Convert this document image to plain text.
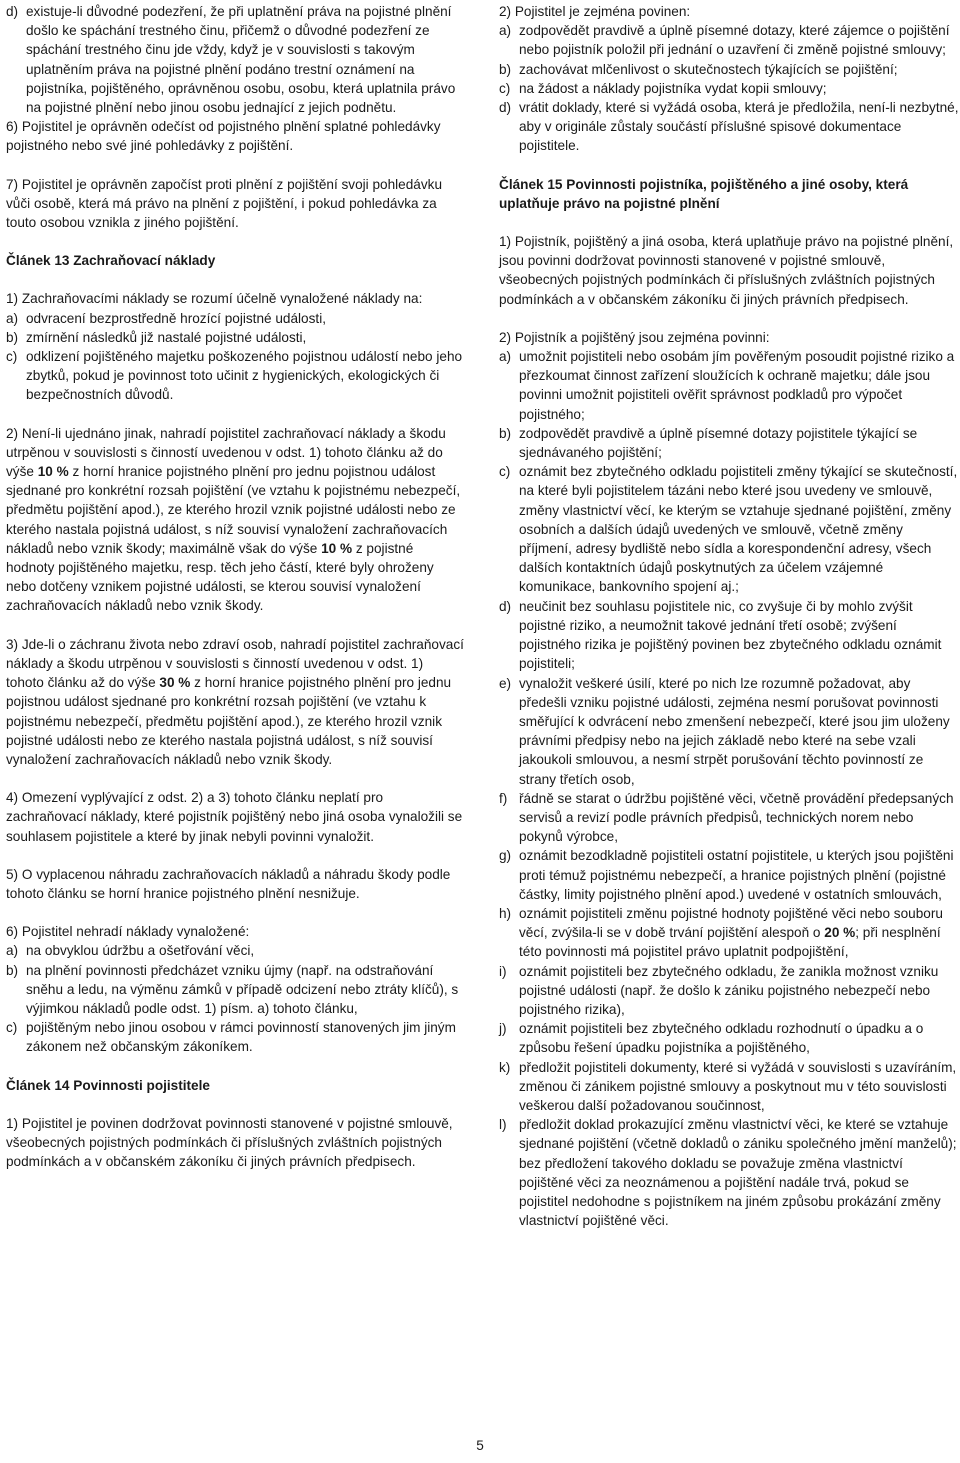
d) existuje-li důvodné podezření, že při uplatnění práva na pojistné plnění došlo ke spáchání trestného činu, přičemž o důvodné podezření ze spáchání trestného činu jde vždy, když je v souvislosti s takovým uplatněním práva na pojistné plnění podáno trestní oznámení na pojistníka, pojištěného, oprávněnou osobu, osobu, která uplatnila právo na pojistné plnění nebo jinou osobu jednající z jejich podnětu.

6) Pojistitel je oprávněn odečíst od pojistného plnění splatné pohledávky pojistného nebo své jiné pohledávky z pojištění.

7) Pojistitel je oprávněn započíst proti plnění z pojištění svoji pohledávku vůči osobě, která má právo na plnění z pojištění, i pokud pohledávka za touto osobou vznikla z jiného pojištění.

Článek 13 Zachraňovací náklady

1) Zachraňovacími náklady se rozumí účelně vynaložené náklady na:

a) odvracení bezprostředně hrozící pojistné události,
b) zmírnění následků již nastalé pojistné události,
c) odklizení pojištěného majetku poškozeného pojistnou událostí nebo jeho zbytků, pokud je povinnost toto učinit z hygienických, ekologických či bezpečnostních důvodů.

2) Není-li ujednáno jinak, nahradí pojistitel zachraňovací náklady a škodu utrpěnou v souvislosti s činností uvedenou v odst. 1) tohoto článku až do výše 10 % z horní hranice pojistného plnění pro jednu pojistnou událost sjednané pro konkrétní rozsah pojištění (ve vztahu k pojistnému nebezpečí, předmětu pojištění apod.), ze kterého hrozil vznik pojistné události nebo ze kterého nastala pojistná událost, s níž souvisí vynaložení zachraňovacích nákladů nebo vznik škody; maximálně však do výše 10 % z pojistné hodnoty pojištěného majetku, resp. těch jeho částí, které byly ohroženy nebo dotčeny vznikem pojistné události, se kterou souvisí vynaložení zachraňovacích nákladů nebo vznik škody.

3) Jde-li o záchranu života nebo zdraví osob, nahradí pojistitel zachraňovací náklady a škodu utrpěnou v souvislosti s činností uvedenou v odst. 1) tohoto článku až do výše 30 % z horní hranice pojistného plnění pro jednu pojistnou událost sjednané pro konkrétní rozsah pojištění (ve vztahu k pojistnému nebezpečí, předmětu pojištění apod.), ze kterého hrozil vznik pojistné události nebo ze kterého nastala pojistná událost, s níž souvisí vynaložení zachraňovacích nákladů nebo vznik škody.

4) Omezení vyplývající z odst. 2) a 3) tohoto článku neplatí pro zachraňovací náklady, které pojistník pojištěný nebo jiná osoba vynaložili se souhlasem pojistitele a které by jinak nebyli povinni vynaložit.

5) O vyplacenou náhradu zachraňovacích nákladů a náhradu škody podle tohoto článku se horní hranice pojistného plnění nesnižuje.

6) Pojistitel nehradí náklady vynaložené:

a) na obvyklou údržbu a ošetřování věci,
b) na plnění povinnosti předcházet vzniku újmy (např. na odstraňování sněhu a ledu, na výměnu zámků v případě odcizení nebo ztráty klíčů), s výjimkou nákladů podle odst. 1) písm. a) tohoto článku,
c) pojištěným nebo jinou osobou v rámci povinností stanovených jim jiným zákonem než občanským zákoníkem.
Článek 14 Povinnosti pojistitele

1) Pojistitel je povinen dodržovat povinnosti stanovené v pojistné smlouvě, všeobecných pojistných podmínkách či příslušných zvláštních pojistných podmínkách a v občanském zákoníku či jiných právních předpisech.

2) Pojistitel je zejména povinen:

a) zodpovědět pravdivě a úplně písemné dotazy, které zájemce o pojištění nebo pojistník položil při jednání o uzavření či změně pojistné smlouvy;
b) zachovávat mlčenlivost o skutečnostech týkajících se pojištění;
c) na žádost a náklady pojistníka vydat kopii smlouvy;
d) vrátit doklady, které si vyžádá osoba, která je předložila, není-li nezbytné, aby v originále zůstaly součástí příslušné spisové dokumentace pojistitele.
Článek 15 Povinnosti pojistníka, pojištěného a jiné osoby, která uplatňuje právo na pojistné plnění

1) Pojistník, pojištěný a jiná osoba, která uplatňuje právo na pojistné plnění, jsou povinni dodržovat povinnosti stanovené v pojistné smlouvě, všeobecných pojistných podmínkách či příslušných zvláštních pojistných podmínkách a v občanském zákoníku či jiných právních předpisech.

2) Pojistník a pojištěný jsou zejména povinni:

a) umožnit pojistiteli nebo osobám jím pověřeným posoudit pojistné riziko a přezkoumat činnost zařízení sloužících k ochraně majetku; dále jsou povinni umožnit pojistiteli ověřit správnost podkladů pro výpočet pojistného;
b) zodpovědět pravdivě a úplně písemné dotazy pojistitele týkající se sjednávaného pojištění;
c) oznámit bez zbytečného odkladu pojistiteli změny týkající se skutečností, na které byli pojistitelem tázáni nebo které jsou uvedeny ve smlouvě, změny vlastnictví věcí, ke kterým se vztahuje sjednané pojištění, změny osobních a dalších údajů uvedených ve smlouvě, včetně změny příjmení, adresy bydliště nebo sídla a korespondenční adresy, všech dalších kontaktních údajů poskytnutých za účelem vzájemné komunikace, bankovního spojení aj.;
d) neučinit bez souhlasu pojistitele nic, co zvyšuje či by mohlo zvýšit pojistné riziko, a neumožnit takové jednání třetí osobě; zvýšení pojistného rizika je pojištěný povinen bez zbytečného odkladu oznámit pojistiteli;
e) vynaložit veškeré úsilí, které po nich lze rozumně požadovat, aby předešli vzniku pojistné události, zejména nesmí porušovat povinnosti směřující k odvrácení nebo zmenšení nebezpečí, které jsou jim uloženy právními předpisy nebo na jejich základě nebo které na sebe vzali jakoukoli smlouvou, a nesmí strpět porušování těchto povinností ze strany třetích osob,
f) řádně se starat o údržbu pojištěné věci, včetně provádění předepsaných servisů a revizí podle právních předpisů, technických norem nebo pokynů výrobce,
g) oznámit bezodkladně pojistiteli ostatní pojistitele, u kterých jsou pojištěni proti témuž pojistnému nebezpečí, a hranice pojistných plnění (pojistné částky, limity pojistného plnění apod.) uvedené v ostatních smlouvách,
h) oznámit pojistiteli změnu pojistné hodnoty pojištěné věci nebo souboru věcí, zvýšila-li se v době trvání pojištění alespoň o 20 %; při nesplnění této povinnosti má pojistitel právo uplatnit podpojištění,
i) oznámit pojistiteli bez zbytečného odkladu, že zanikla možnost vzniku pojistné události (např. že došlo k zániku pojistného nebezpečí nebo pojistného rizika),
j) oznámit pojistiteli bez zbytečného odkladu rozhodnutí o úpadku a o způsobu řešení úpadku pojistníka a pojištěného,
k) předložit pojistiteli dokumenty, které si vyžádá v souvislosti s uzavíráním, změnou či zánikem pojistné smlouvy a poskytnout mu v této souvislosti veškerou další požadovanou součinnost,
l) předložit doklad prokazující změnu vlastnictví věci, ke které se vztahuje sjednané pojištění (včetně dokladů o zániku společného jmění manželů); bez předložení takového dokladu se považuje změna vlastnictví pojištěné věci za neoznámenou a pojištění nadále trvá, pokud se pojistitel nedohodne s pojistníkem na jiném způsobu prokázání změny vlastnictví pojištěné věci.
5
